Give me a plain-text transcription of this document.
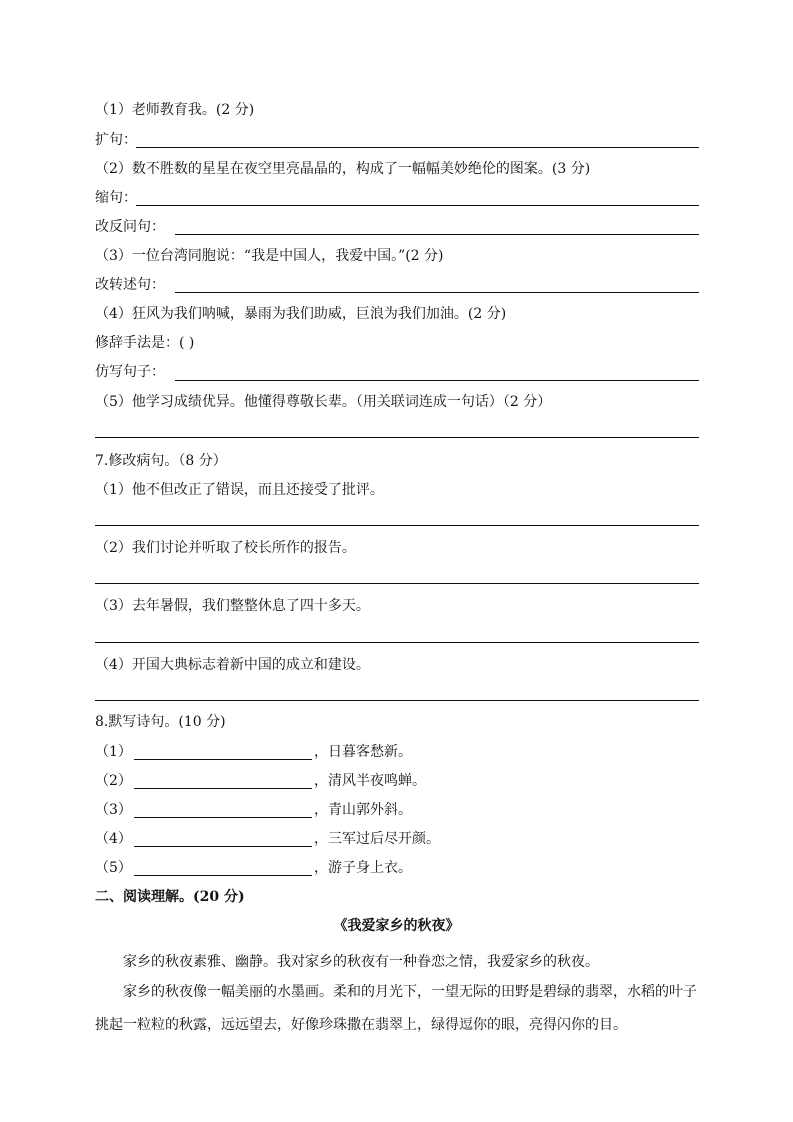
（1）老师教育我。(2 分)
扩句：
（2）数不胜数的星星在夜空里亮晶晶的，构成了一幅幅美妙绝伦的图案。(3 分)
缩句：
改反问句：
（3）一位台湾同胞说：“我是中国人，我爱中国。”(2 分)
改转述句：
（4）狂风为我们呐喊，暴雨为我们助威，巨浪为我们加油。(2 分)
修辞手法是：( )
仿写句子：
（5）他学习成绩优异。他懂得尊敬长辈。（用关联词连成一句话）（2 分）
7.修改病句。（8 分）
（1）他不但改正了错误，而且还接受了批评。
（2）我们讨论并听取了校长所作的报告。
（3）去年暑假，我们整整休息了四十多天。
（4）开国大典标志着新中国的成立和建设。
8.默写诗句。(10 分)
（1）	，日暮客愁新。
（2）	，清风半夜鸣蝉。
（3）	，青山郭外斜。
（4）	，三军过后尽开颜。
（5）	，游子身上衣。
二、阅读理解。(20 分)
《我爱家乡的秋夜》
家乡的秋夜素雅、幽静。我对家乡的秋夜有一种眷恋之情，我爱家乡的秋夜。
家乡的秋夜像一幅美丽的水墨画。柔和的月光下，一望无际的田野是碧绿的翡翠，水稻的叶子挑起一粒粒的秋露，远远望去，好像珍珠撒在翡翠上，绿得逗你的眼，亮得闪你的目。
